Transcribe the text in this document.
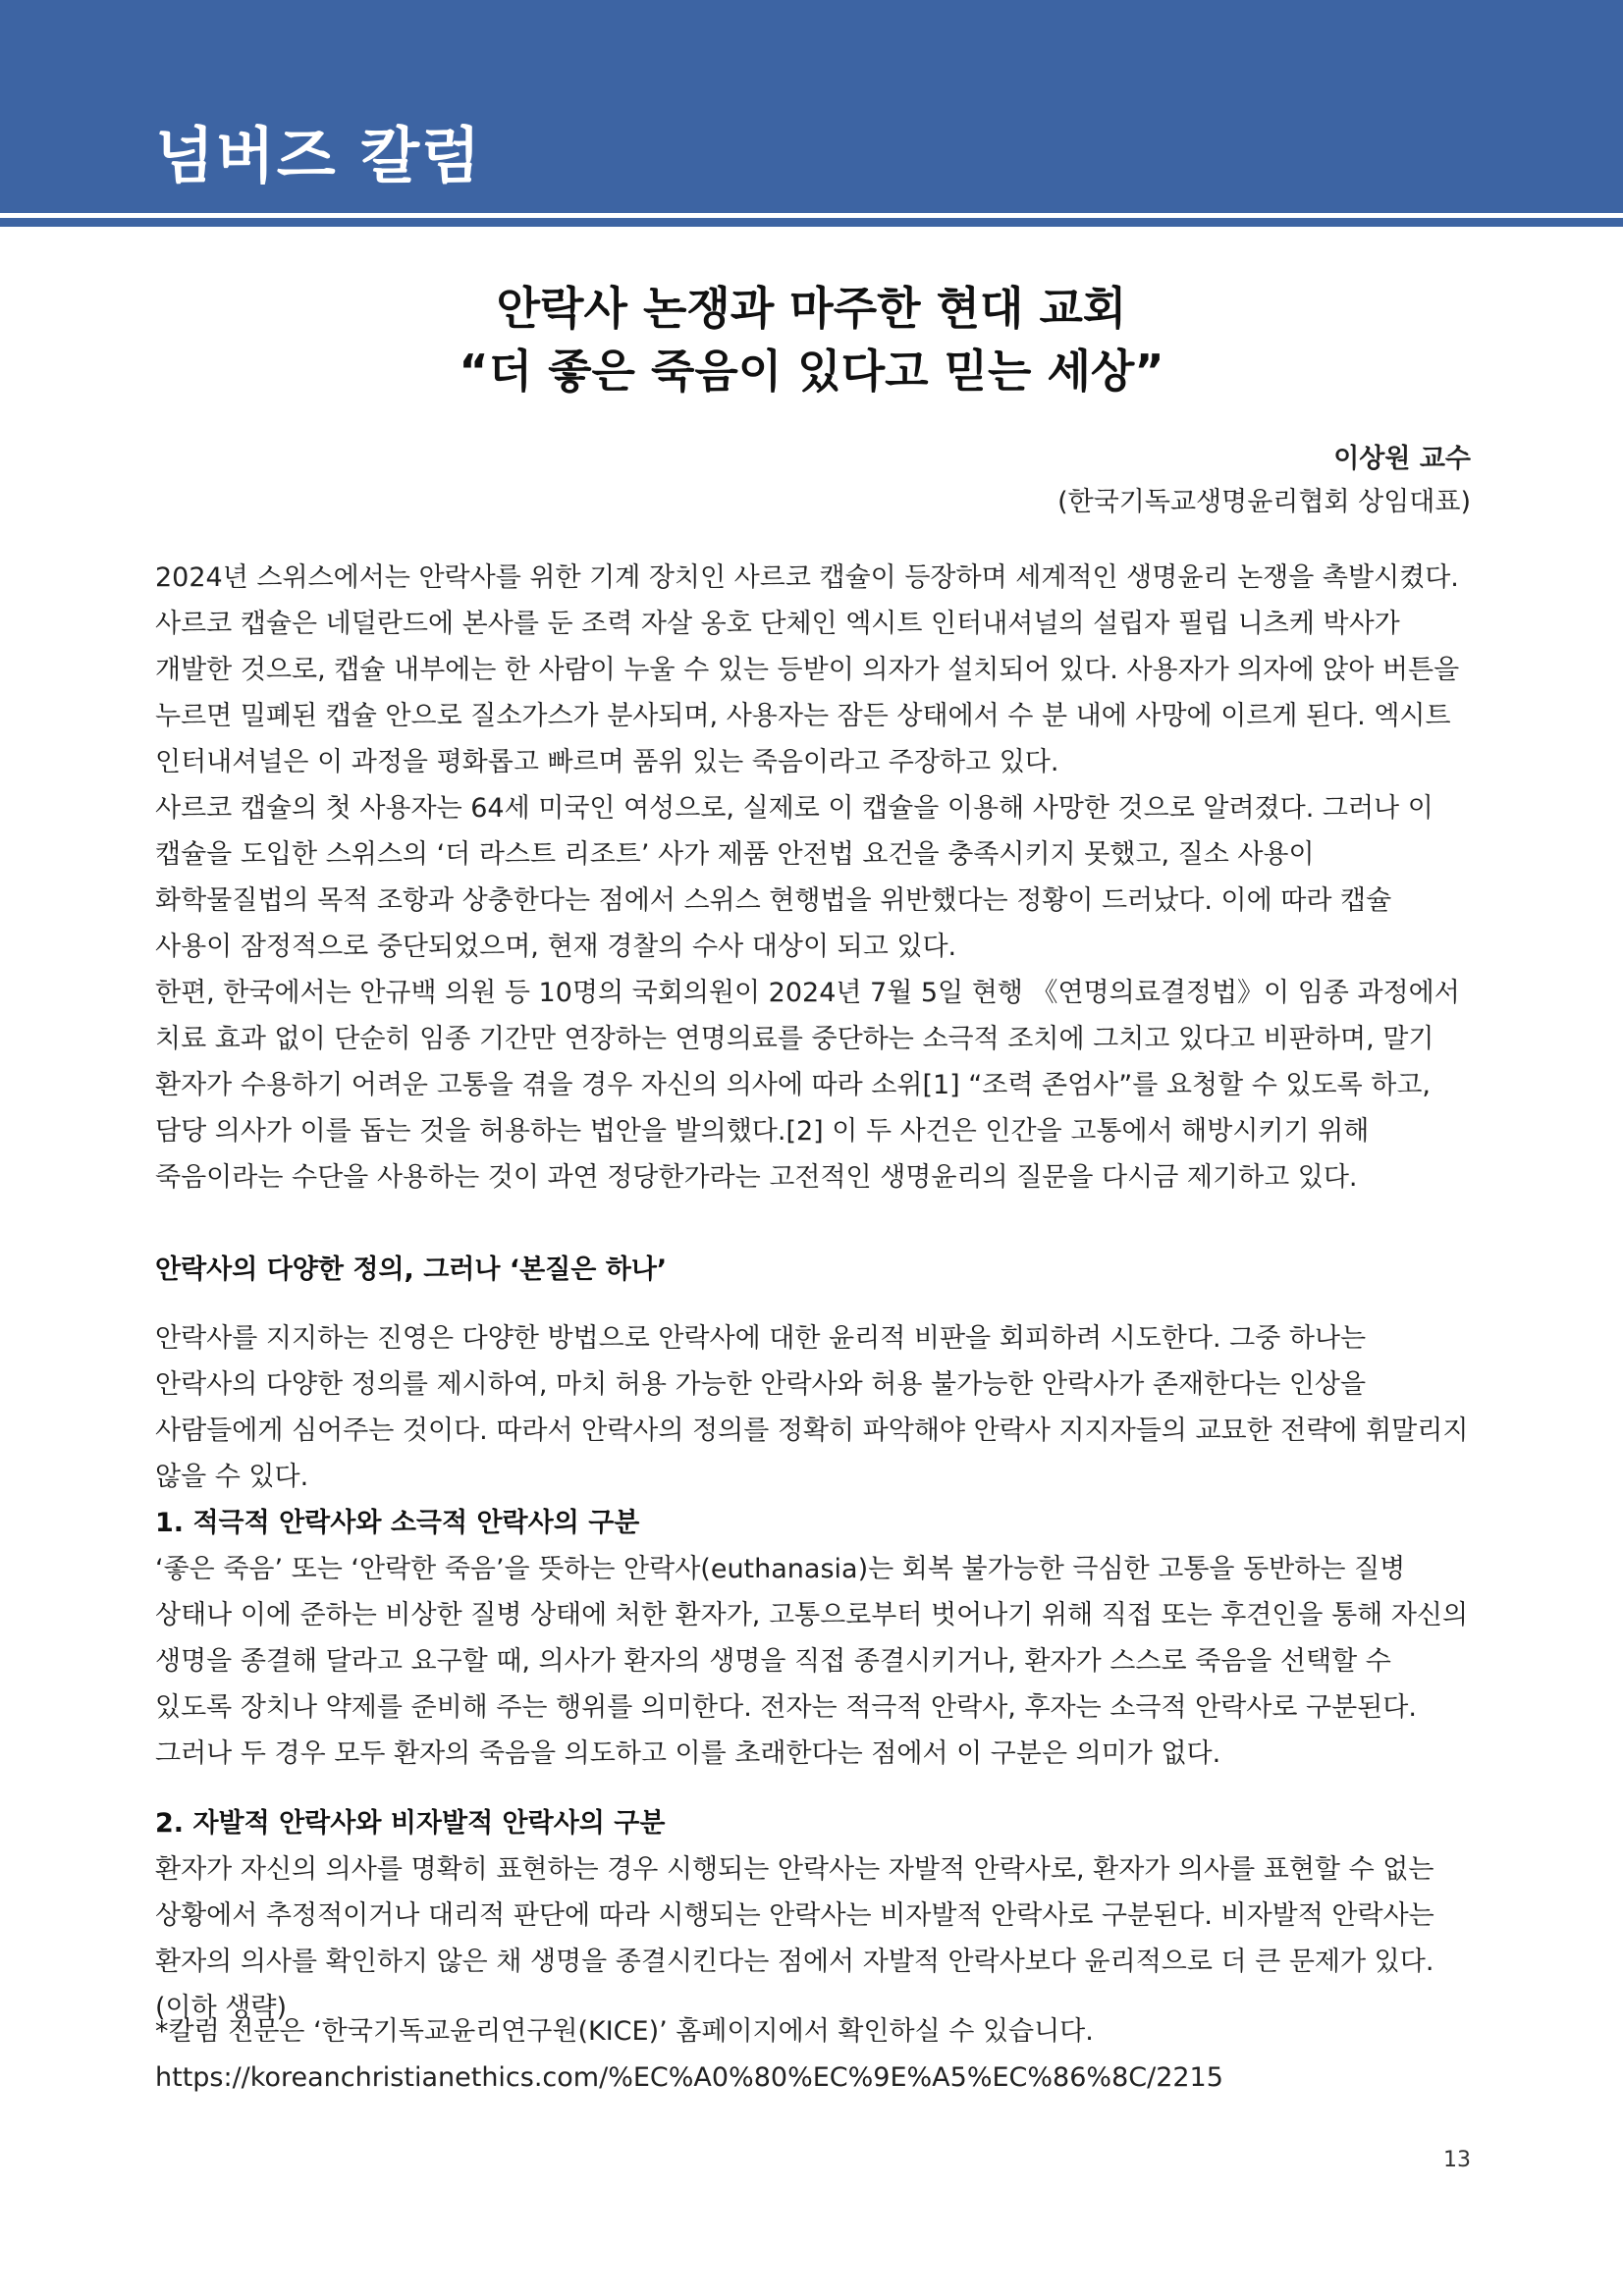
넘버즈 칼럼
안락사 논쟁과 마주한 현대 교회
“더 좋은 죽음이 있다고 믿는 세상”
이상원 교수
(한국기독교생명윤리협회 상임대표)

2024년 스위스에서는 안락사를 위한 기계 장치인 사르코 캡슐이 등장하며 세계적인 생명윤리 논쟁을 촉발시켰다. 사르코 캡슐은 네덜란드에 본사를 둔 조력 자살 옹호 단체인 엑시트 인터내셔널의 설립자 필립 니츠케 박사가 개발한 것으로, 캡슐 내부에는 한 사람이 누울 수 있는 등받이 의자가 설치되어 있다. 사용자가 의자에 앉아 버튼을 누르면 밀폐된 캡슐 안으로 질소가스가 분사되며, 사용자는 잠든 상태에서 수 분 내에 사망에 이르게 된다. 엑시트 인터내셔널은 이 과정을 평화롭고 빠르며 품위 있는 죽음이라고 주장하고 있다.

사르코 캡슐의 첫 사용자는 64세 미국인 여성으로, 실제로 이 캡슐을 이용해 사망한 것으로 알려졌다. 그러나 이 캡슐을 도입한 스위스의 ‘더 라스트 리조트’ 사가 제품 안전법 요건을 충족시키지 못했고, 질소 사용이 화학물질법의 목적 조항과 상충한다는 점에서 스위스 현행법을 위반했다는 정황이 드러났다. 이에 따라 캡슐 사용이 잠정적으로 중단되었으며, 현재 경찰의 수사 대상이 되고 있다.

한편, 한국에서는 안규백 의원 등 10명의 국회의원이 2024년 7월 5일 현행 《연명의료결정법》이 임종 과정에서 치료 효과 없이 단순히 임종 기간만 연장하는 연명의료를 중단하는 소극적 조치에 그치고 있다고 비판하며, 말기 환자가 수용하기 어려운 고통을 겪을 경우 자신의 의사에 따라 소위[1] “조력 존엄사”를 요청할 수 있도록 하고, 담당 의사가 이를 돕는 것을 허용하는 법안을 발의했다.[2] 이 두 사건은 인간을 고통에서 해방시키기 위해 죽음이라는 수단을 사용하는 것이 과연 정당한가라는 고전적인 생명윤리의 질문을 다시금 제기하고 있다.

안락사의 다양한 정의, 그러나 ‘본질은 하나’

안락사를 지지하는 진영은 다양한 방법으로 안락사에 대한 윤리적 비판을 회피하려 시도한다. 그중 하나는 안락사의 다양한 정의를 제시하여, 마치 허용 가능한 안락사와 허용 불가능한 안락사가 존재한다는 인상을 사람들에게 심어주는 것이다. 따라서 안락사의 정의를 정확히 파악해야 안락사 지지자들의 교묘한 전략에 휘말리지 않을 수 있다.

1. 적극적 안락사와 소극적 안락사의 구분

‘좋은 죽음’ 또는 ‘안락한 죽음’을 뜻하는 안락사(euthanasia)는 회복 불가능한 극심한 고통을 동반하는 질병 상태나 이에 준하는 비상한 질병 상태에 처한 환자가, 고통으로부터 벗어나기 위해 직접 또는 후견인을 통해 자신의 생명을 종결해 달라고 요구할 때, 의사가 환자의 생명을 직접 종결시키거나, 환자가 스스로 죽음을 선택할 수 있도록 장치나 약제를 준비해 주는 행위를 의미한다. 전자는 적극적 안락사, 후자는 소극적 안락사로 구분된다. 그러나 두 경우 모두 환자의 죽음을 의도하고 이를 초래한다는 점에서 이 구분은 의미가 없다.

2. 자발적 안락사와 비자발적 안락사의 구분

환자가 자신의 의사를 명확히 표현하는 경우 시행되는 안락사는 자발적 안락사로, 환자가 의사를 표현할 수 없는 상황에서 추정적이거나 대리적 판단에 따라 시행되는 안락사는 비자발적 안락사로 구분된다. 비자발적 안락사는 환자의 의사를 확인하지 않은 채 생명을 종결시킨다는 점에서 자발적 안락사보다 윤리적으로 더 큰 문제가 있다. (이하 생략)

*칼럼 전문은 ‘한국기독교윤리연구원(KICE)’ 홈페이지에서 확인하실 수 있습니다.

https://koreanchristianethics.com/%EC%A0%80%EC%9E%A5%EC%86%8C/2215

13
